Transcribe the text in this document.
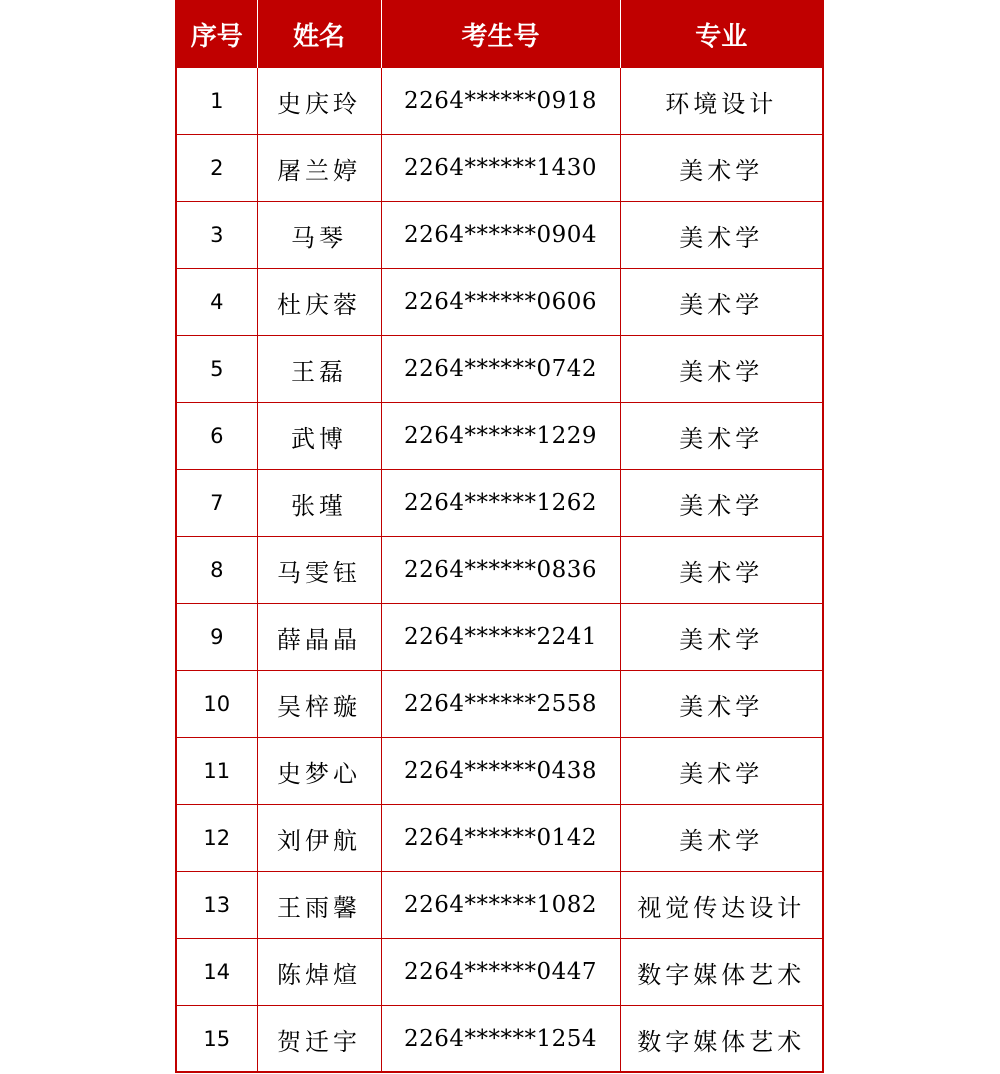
序号	姓名	考生号	专业
1	史庆玲	2264******0918	环境设计
2	屠兰婷	2264******1430	美术学
3	马琴	2264******0904	美术学
4	杜庆蓉	2264******0606	美术学
5	王磊	2264******0742	美术学
6	武博	2264******1229	美术学
7	张瑾	2264******1262	美术学
8	马雯钰	2264******0836	美术学
9	薛晶晶	2264******2241	美术学
10	吴梓璇	2264******2558	美术学
11	史梦心	2264******0438	美术学
12	刘伊航	2264******0142	美术学
13	王雨馨	2264******1082	视觉传达设计
14	陈焯煊	2264******0447	数字媒体艺术
15	贺迁宇	2264******1254	数字媒体艺术
